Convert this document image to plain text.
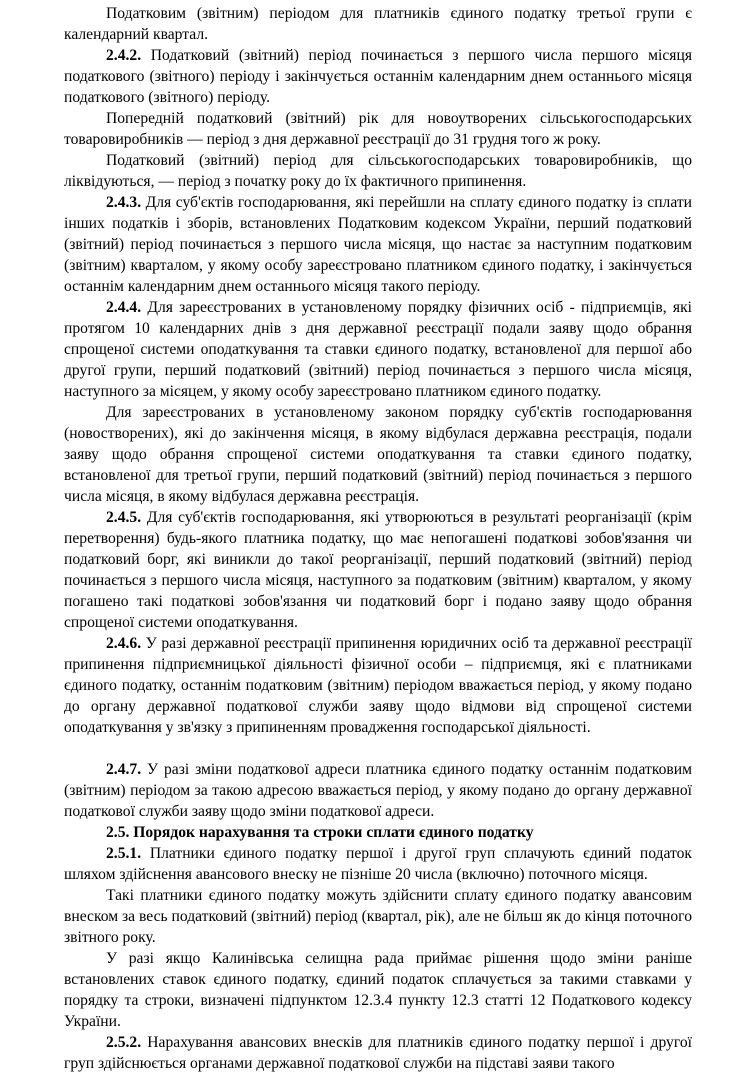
Податковим (звітним) періодом для платників єдиного податку третьої групи є календарний квартал.

2.4.2. Податковий (звітний) період починається з першого числа першого місяця податкового (звітного) періоду і закінчується останнім календарним днем останнього місяця податкового (звітного) періоду.

Попередній податковий (звітний) рік для новоутворених сільськогосподарських товаровиробників — період з дня державної реєстрації до 31 грудня того ж року.

Податковий (звітний) період для сільськогосподарських товаровиробників, що ліквідуються, — період з початку року до їх фактичного припинення.

2.4.3. Для суб'єктів господарювання, які перейшли на сплату єдиного податку із сплати інших податків і зборів, встановлених Податковим кодексом України, перший податковий (звітний) період починається з першого числа місяця, що настає за наступним податковим (звітним) кварталом, у якому особу зареєстровано платником єдиного податку, і закінчується останнім календарним днем останнього місяця такого періоду.

2.4.4. Для зареєстрованих в установленому порядку фізичних осіб - підприємців, які протягом 10 календарних днів з дня державної реєстрації подали заяву щодо обрання спрощеної системи оподаткування та ставки єдиного податку, встановленої для першої або другої групи, перший податковий (звітний) період починається з першого числа місяця, наступного за місяцем, у якому особу зареєстровано платником єдиного податку.

Для зареєстрованих в установленому законом порядку суб'єктів господарювання (новостворених), які до закінчення місяця, в якому відбулася державна реєстрація, подали заяву щодо обрання спрощеної системи оподаткування та ставки єдиного податку, встановленої для третьої групи, перший податковий (звітний) період починається з першого числа місяця, в якому відбулася державна реєстрація.

2.4.5. Для суб'єктів господарювання, які утворюються в результаті реорганізації (крім перетворення) будь-якого платника податку, що має непогашені податкові зобов'язання чи податковий борг, які виникли до такої реорганізації, перший податковий (звітний) період починається з першого числа місяця, наступного за податковим (звітним) кварталом, у якому погашено такі податкові зобов'язання чи податковий борг і подано заяву щодо обрання спрощеної системи оподаткування.

2.4.6. У разі державної реєстрації припинення юридичних осіб та державної реєстрації припинення підприємницької діяльності фізичної особи – підприємця, які є платниками єдиного податку, останнім податковим (звітним) періодом вважається період, у якому подано до органу державної податкової служби заяву щодо відмови від спрощеної системи оподаткування у зв'язку з припиненням провадження господарської діяльності.

2.4.7. У разі зміни податкової адреси платника єдиного податку останнім податковим (звітним) періодом за такою адресою вважається період, у якому подано до органу державної податкової служби заяву щодо зміни податкової адреси.

2.5. Порядок нарахування та строки сплати єдиного податку

2.5.1. Платники єдиного податку першої і другої груп сплачують єдиний податок шляхом здійснення авансового внеску не пізніше 20 числа (включно) поточного місяця.

Такі платники єдиного податку можуть здійснити сплату єдиного податку авансовим внеском за весь податковий (звітний) період (квартал, рік), але не більш як до кінця поточного звітного року.

У разі якщо Калинівська селищна рада приймає рішення щодо зміни раніше встановлених ставок єдиного податку, єдиний податок сплачується за такими ставками у порядку та строки, визначені підпунктом 12.3.4 пункту 12.3 статті 12 Податкового кодексу України.

2.5.2. Нарахування авансових внесків для платників єдиного податку першої і другої груп здійснюється органами державної податкової служби на підставі заяви такого
